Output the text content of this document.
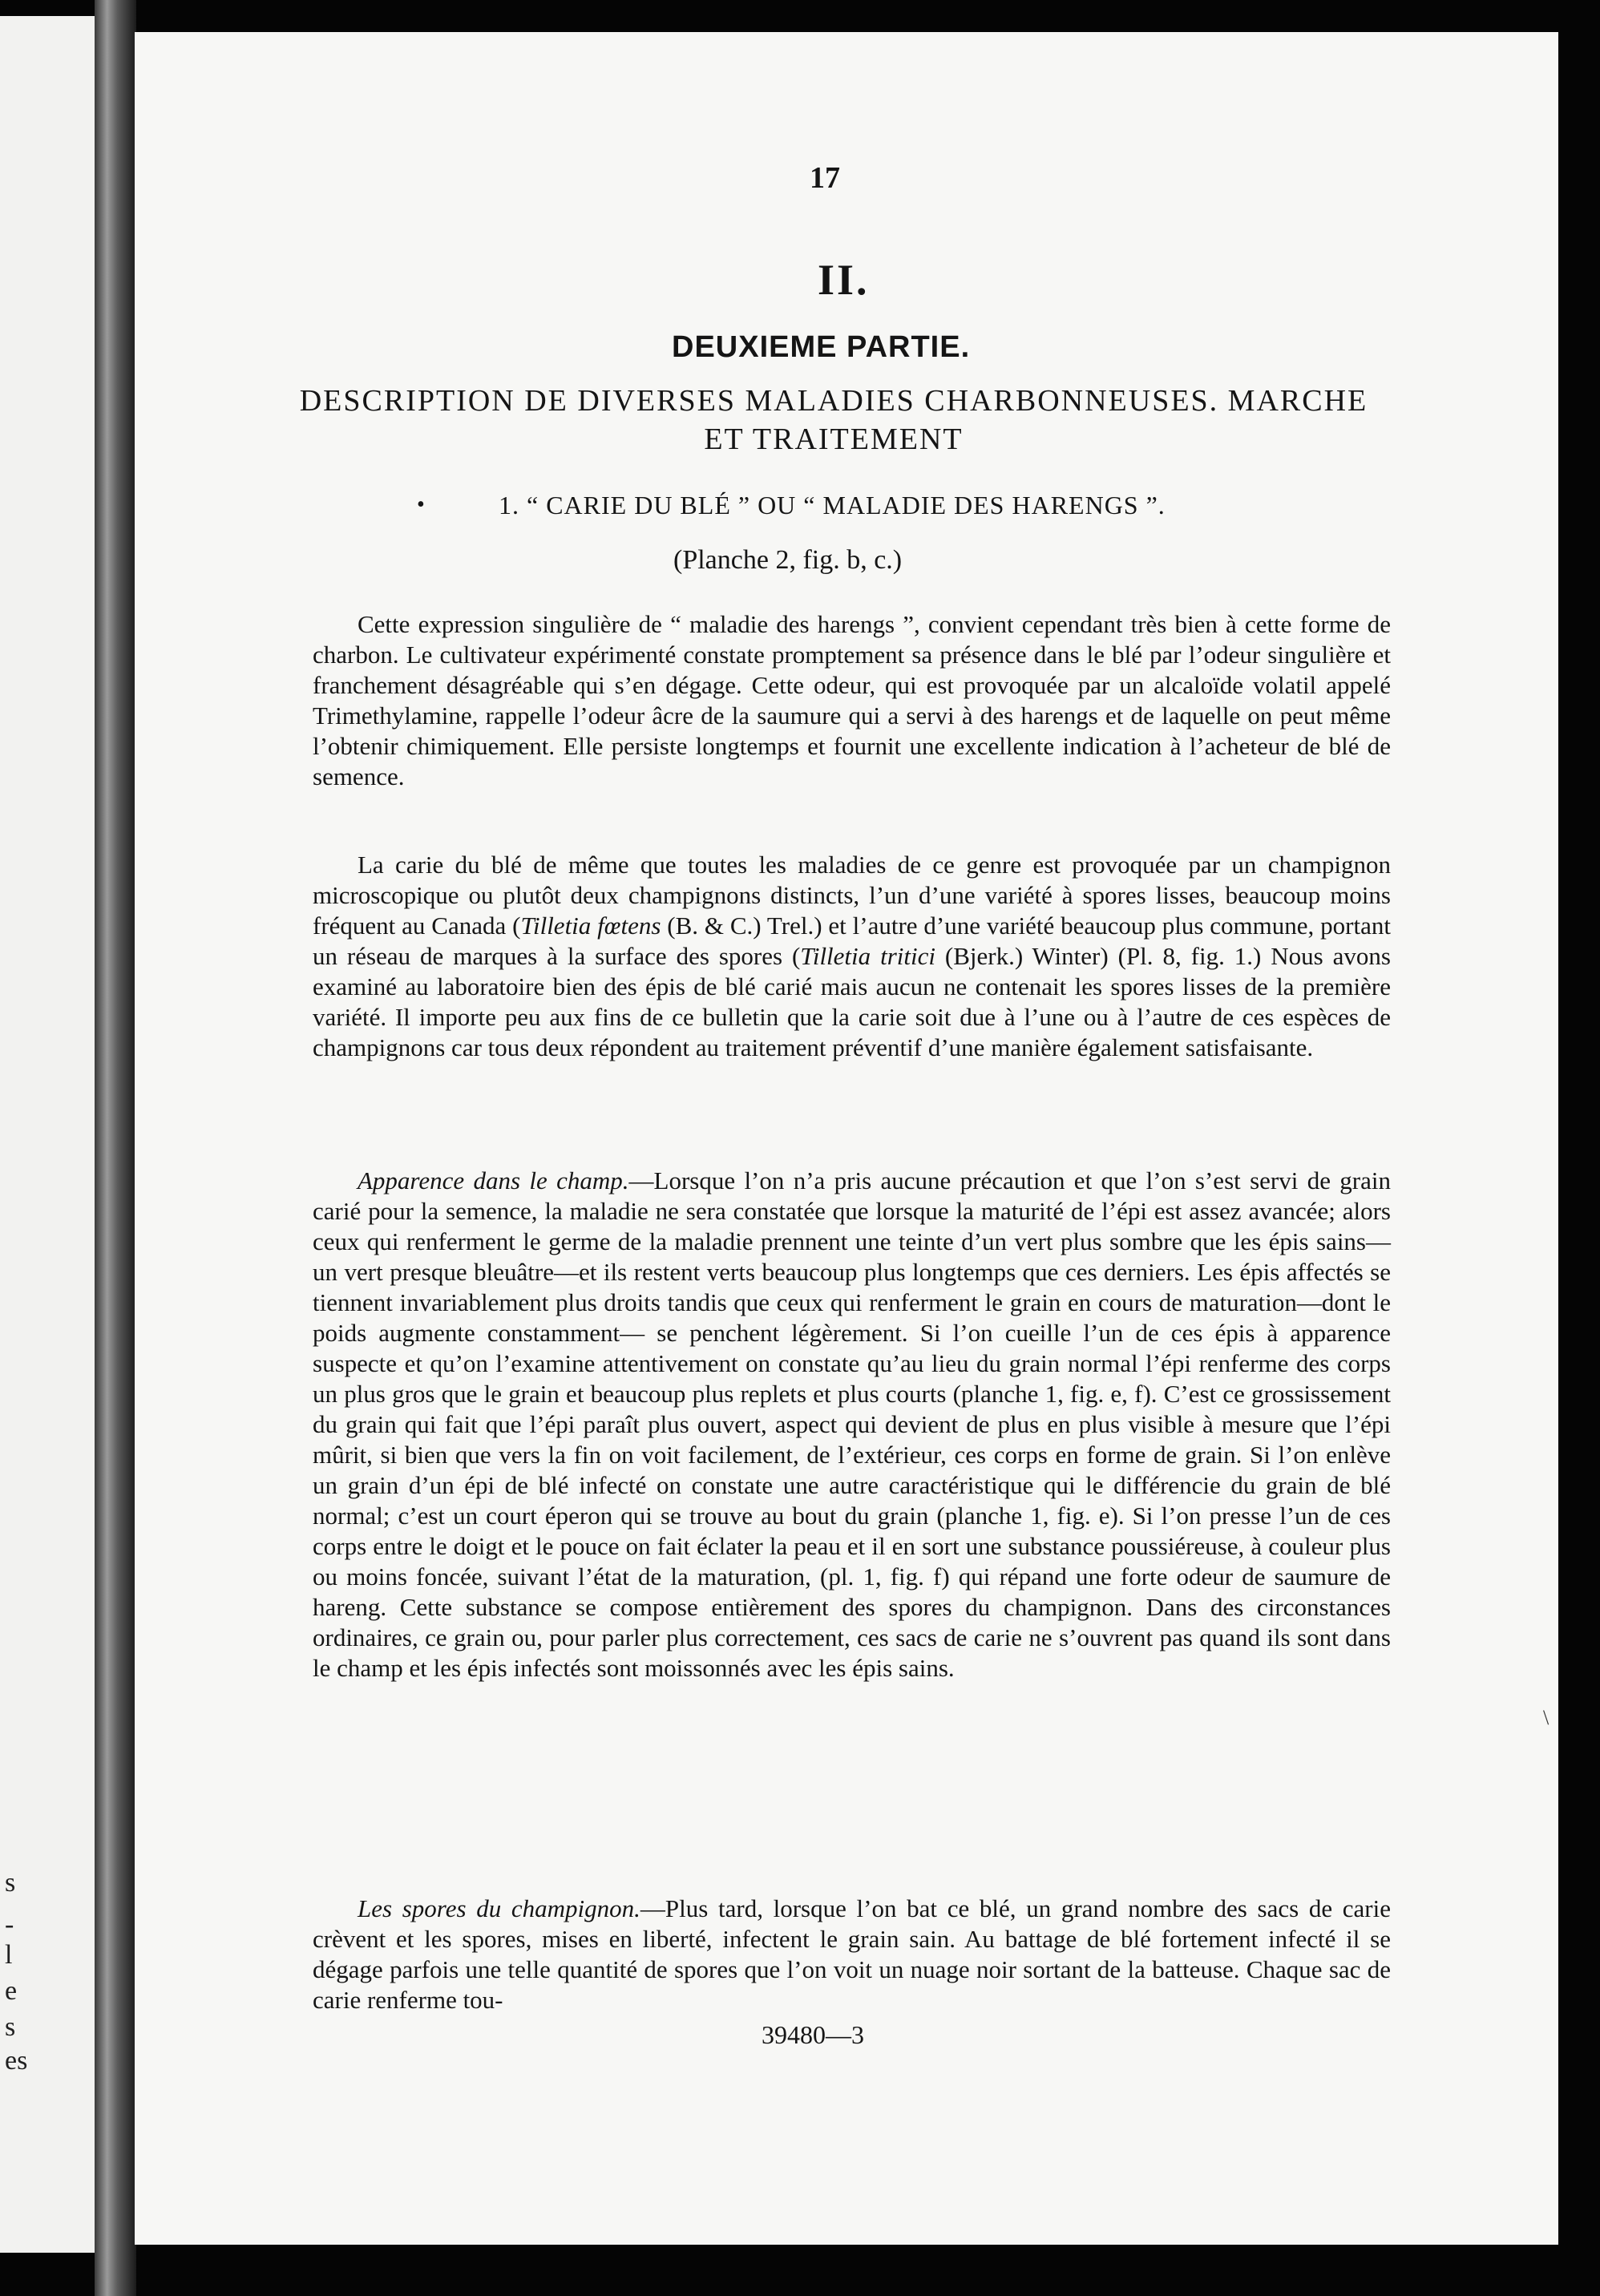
s
-
l
e
s
es
17
II.
DEUXIEME PARTIE.
DESCRIPTION DE DIVERSES MALADIES CHARBONNEUSES. MARCHE
ET TRAITEMENT
•	1. “ CARIE DU BLÉ ” OU “ MALADIE DES HARENGS ”.
(Planche 2, fig. b, c.)

Cette expression singulière de “ maladie des harengs ”, convient cependant très bien à cette forme de charbon. Le cultivateur expérimenté constate promptement sa présence dans le blé par l’odeur singulière et franchement désagréable qui s’en dégage. Cette odeur, qui est provoquée par un alcaloïde volatil appelé Trimethylamine, rappelle l’odeur âcre de la saumure qui a servi à des harengs et de laquelle on peut même l’obtenir chimiquement. Elle persiste longtemps et fournit une excellente indication à l’acheteur de blé de semence.

La carie du blé de même que toutes les maladies de ce genre est provoquée par un champignon microscopique ou plutôt deux champignons distincts, l’un d’une variété à spores lisses, beaucoup moins fréquent au Canada (Tilletia fœtens (B. & C.) Trel.) et l’autre d’une variété beaucoup plus commune, portant un réseau de marques à la surface des spores (Tilletia tritici (Bjerk.) Winter) (Pl. 8, fig. 1.) Nous avons examiné au laboratoire bien des épis de blé carié mais aucun ne contenait les spores lisses de la première variété. Il importe peu aux fins de ce bulletin que la carie soit due à l’une ou à l’autre de ces espèces de champignons car tous deux répondent au traitement préventif d’une manière également satisfaisante.

Apparence dans le champ.—Lorsque l’on n’a pris aucune précaution et que l’on s’est servi de grain carié pour la semence, la maladie ne sera constatée que lorsque la maturité de l’épi est assez avancée; alors ceux qui renferment le germe de la maladie prennent une teinte d’un vert plus sombre que les épis sains—un vert presque bleuâtre—et ils restent verts beaucoup plus longtemps que ces derniers. Les épis affectés se tiennent invariablement plus droits tandis que ceux qui renferment le grain en cours de maturation—dont le poids augmente constamment— se penchent légèrement. Si l’on cueille l’un de ces épis à apparence suspecte et qu’on l’examine attentivement on constate qu’au lieu du grain normal l’épi renferme des corps un plus gros que le grain et beaucoup plus replets et plus courts (planche 1, fig. e, f). C’est ce grossissement du grain qui fait que l’épi paraît plus ouvert, aspect qui devient de plus en plus visible à mesure que l’épi mûrit, si bien que vers la fin on voit facilement, de l’extérieur, ces corps en forme de grain. Si l’on enlève un grain d’un épi de blé infecté on constate une autre caractéristique qui le différencie du grain de blé normal; c’est un court éperon qui se trouve au bout du grain (planche 1, fig. e). Si l’on presse l’un de ces corps entre le doigt et le pouce on fait éclater la peau et il en sort une substance poussiéreuse, à couleur plus ou moins foncée, suivant l’état de la maturation, (pl. 1, fig. f) qui répand une forte odeur de saumure de hareng. Cette substance se compose entièrement des spores du champignon. Dans des circonstances ordinaires, ce grain ou, pour parler plus correctement, ces sacs de carie ne s’ouvrent pas quand ils sont dans le champ et les épis infectés sont moissonnés avec les épis sains.

Les spores du champignon.—Plus tard, lorsque l’on bat ce blé, un grand nombre des sacs de carie crèvent et les spores, mises en liberté, infectent le grain sain. Au battage de blé fortement infecté il se dégage parfois une telle quantité de spores que l’on voit un nuage noir sortant de la batteuse. Chaque sac de carie renferme tou-

39480—3
\
